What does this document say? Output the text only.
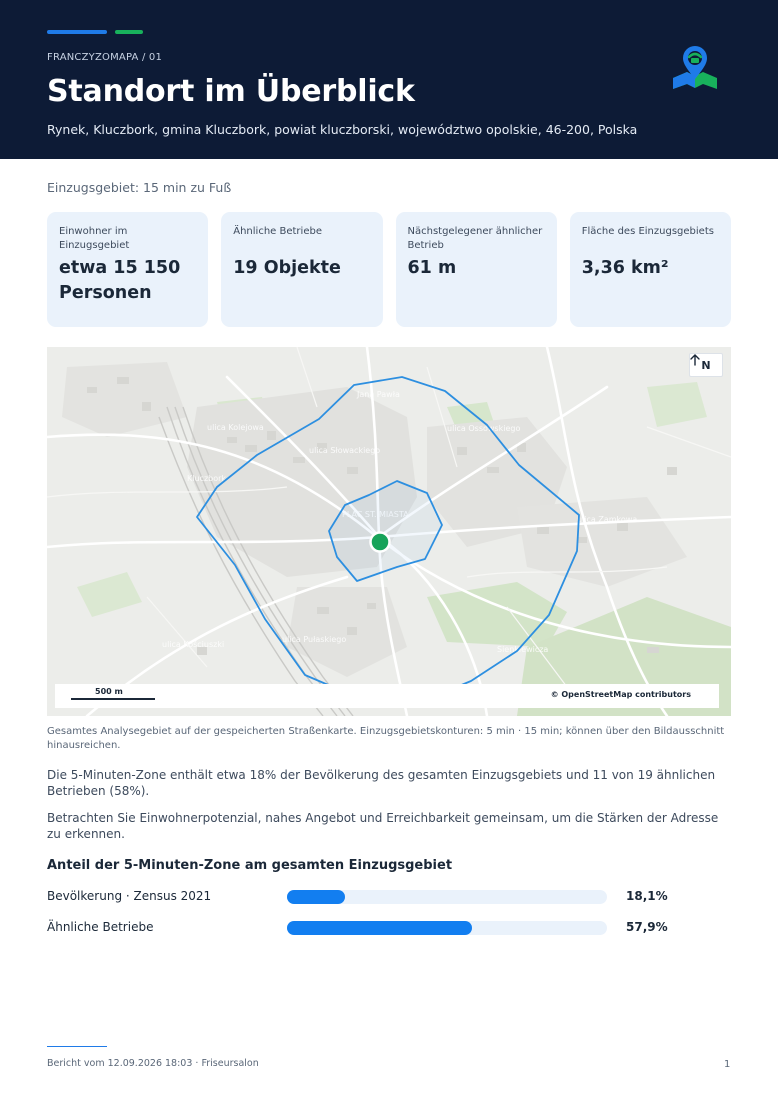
FRANCZYZOMAPA / 01
Standort im Überblick
Rynek, Kluczbork, gmina Kluczbork, powiat kluczborski, województwo opolskie, 46-200, Polska
Einzugsgebiet: 15 min zu Fuß
Einwohner im Einzugsgebiet
etwa 15 150 Personen
Ähnliche Betriebe
19 Objekte
Nächstgelegener ähnlicher Betrieb
61 m
Fläche des Einzugsgebiets
3,36 km²
ulica Kolejowa
ulica Słowackiego
Kluczbork
ulica Ossowskiego
ulica Zamkowa
ulica Pułaskiego
Sienkiewicza
ulica Kościuszki
Jana Pawła
N
500 m	© OpenStreetMap contributors
Gesamtes Analysegebiet auf der gespeicherten Straßenkarte. Einzugsgebietskonturen: 5 min · 15 min; können über den Bildausschnitt hinausreichen.
Die 5-Minuten-Zone enthält etwa 18% der Bevölkerung des gesamten Einzugsgebiets und 11 von 19 ähnlichen Betrieben (58%).
Betrachten Sie Einwohnerpotenzial, nahes Angebot und Erreichbarkeit gemeinsam, um die Stärken der Adresse zu erkennen.
Anteil der 5-Minuten-Zone am gesamten Einzugsgebiet
Bevölkerung · Zensus 2021	18,1%
Ähnliche Betriebe	57,9%
Bericht vom 12.09.2026 18:03 · Friseursalon	1
